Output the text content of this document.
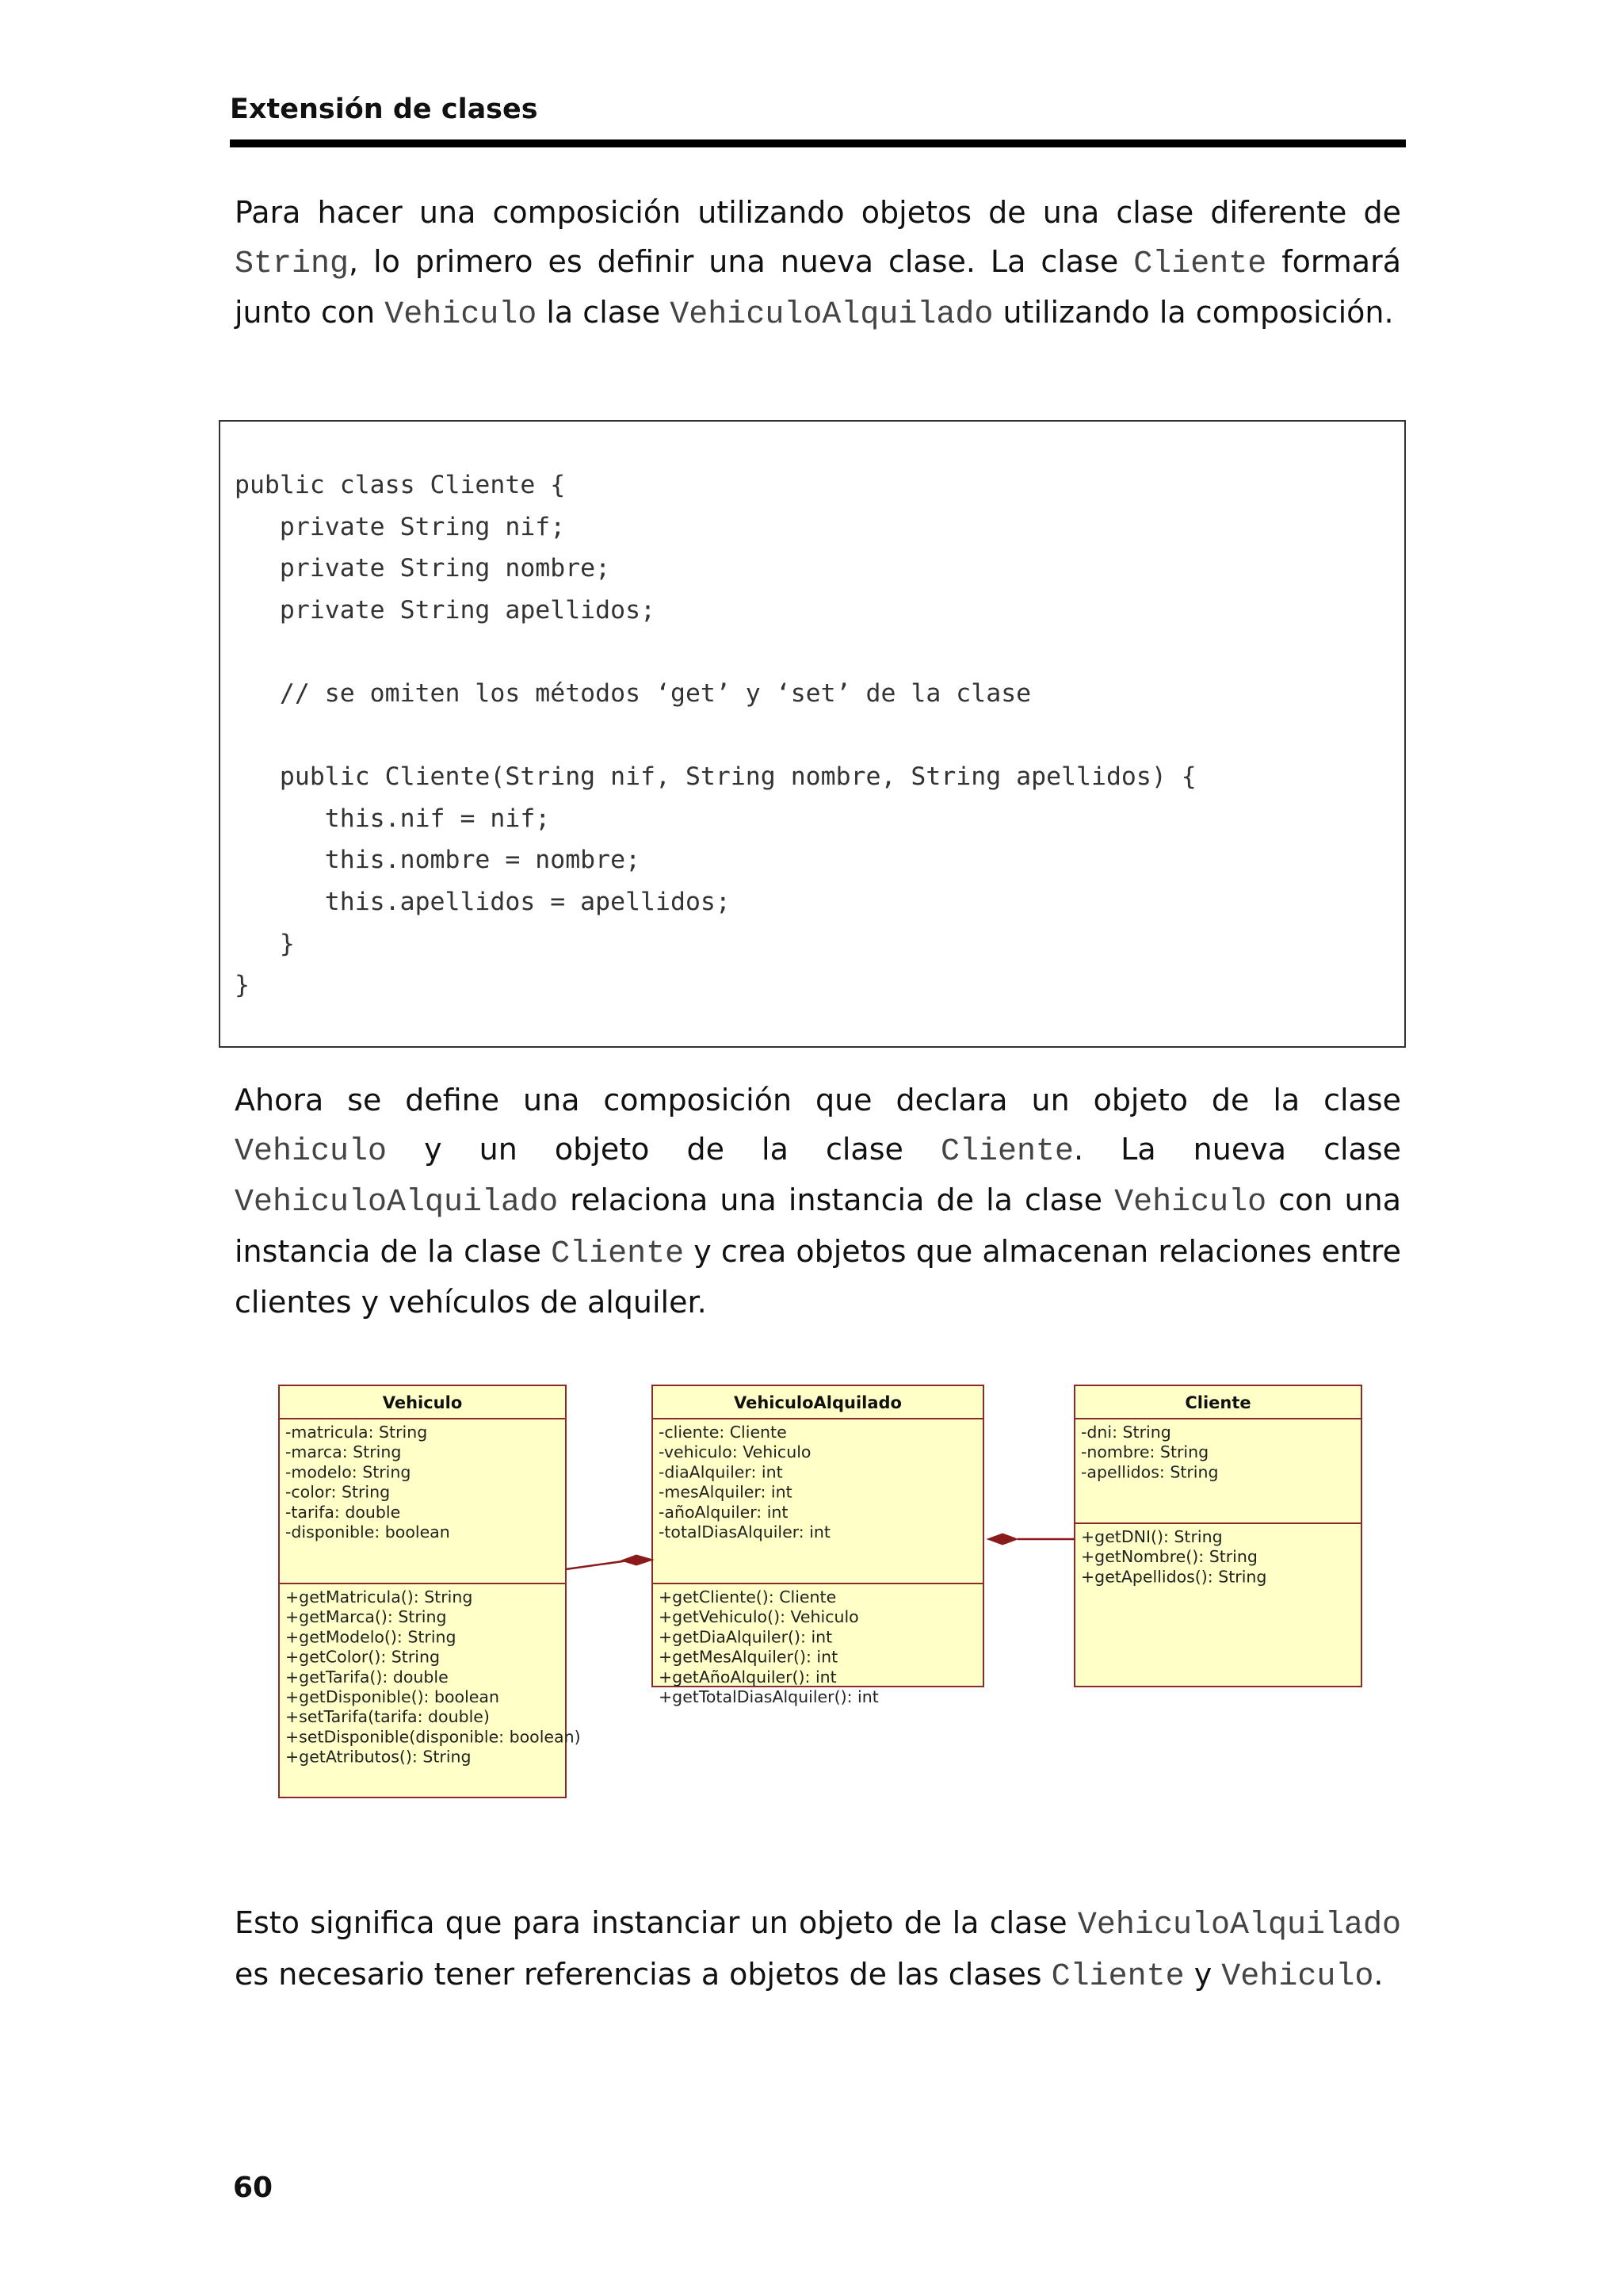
Extensión de clases

Para hacer una composición utilizando objetos de una clase diferente de String, lo primero es definir una nueva clase. La clase Cliente formará junto con Vehiculo la clase VehiculoAlquilado utilizando la composición.

public class Cliente {
private String nif;
private String nombre;
private String apellidos;

// se omiten los métodos ‘get’ y ‘set’ de la clase

public Cliente(String nif, String nombre, String apellidos) {
this.nif = nif;
this.nombre = nombre;
this.apellidos = apellidos;
}
}

Ahora se define una composición que declara un objeto de la clase Vehiculo y un objeto de la clase Cliente. La nueva clase VehiculoAlquilado relaciona una instancia de la clase Vehiculo con una instancia de la clase Cliente y crea objetos que almacenan relaciones entre clientes y vehículos de alquiler.

Vehiculo
-matricula: String
-marca: String
-modelo: String
-color: String
-tarifa: double
-disponible: boolean
+getMatricula(): String
+getMarca(): String
+getModelo(): String
+getColor(): String
+getTarifa(): double
+getDisponible(): boolean
+setTarifa(tarifa: double)
+setDisponible(disponible: boolean)
+getAtributos(): String
VehiculoAlquilado
-cliente: Cliente
-vehiculo: Vehiculo
-diaAlquiler: int
-mesAlquiler: int
-añoAlquiler: int
-totalDiasAlquiler: int
+getCliente(): Cliente
+getVehiculo(): Vehiculo
+getDiaAlquiler(): int
+getMesAlquiler(): int
+getAñoAlquiler(): int
+getTotalDiasAlquiler(): int
Cliente
-dni: String
-nombre: String
-apellidos: String
+getDNI(): String
+getNombre(): String
+getApellidos(): String

Esto significa que para instanciar un objeto de la clase VehiculoAlquilado es necesario tener referencias a objetos de las clases Cliente y Vehiculo.

60
